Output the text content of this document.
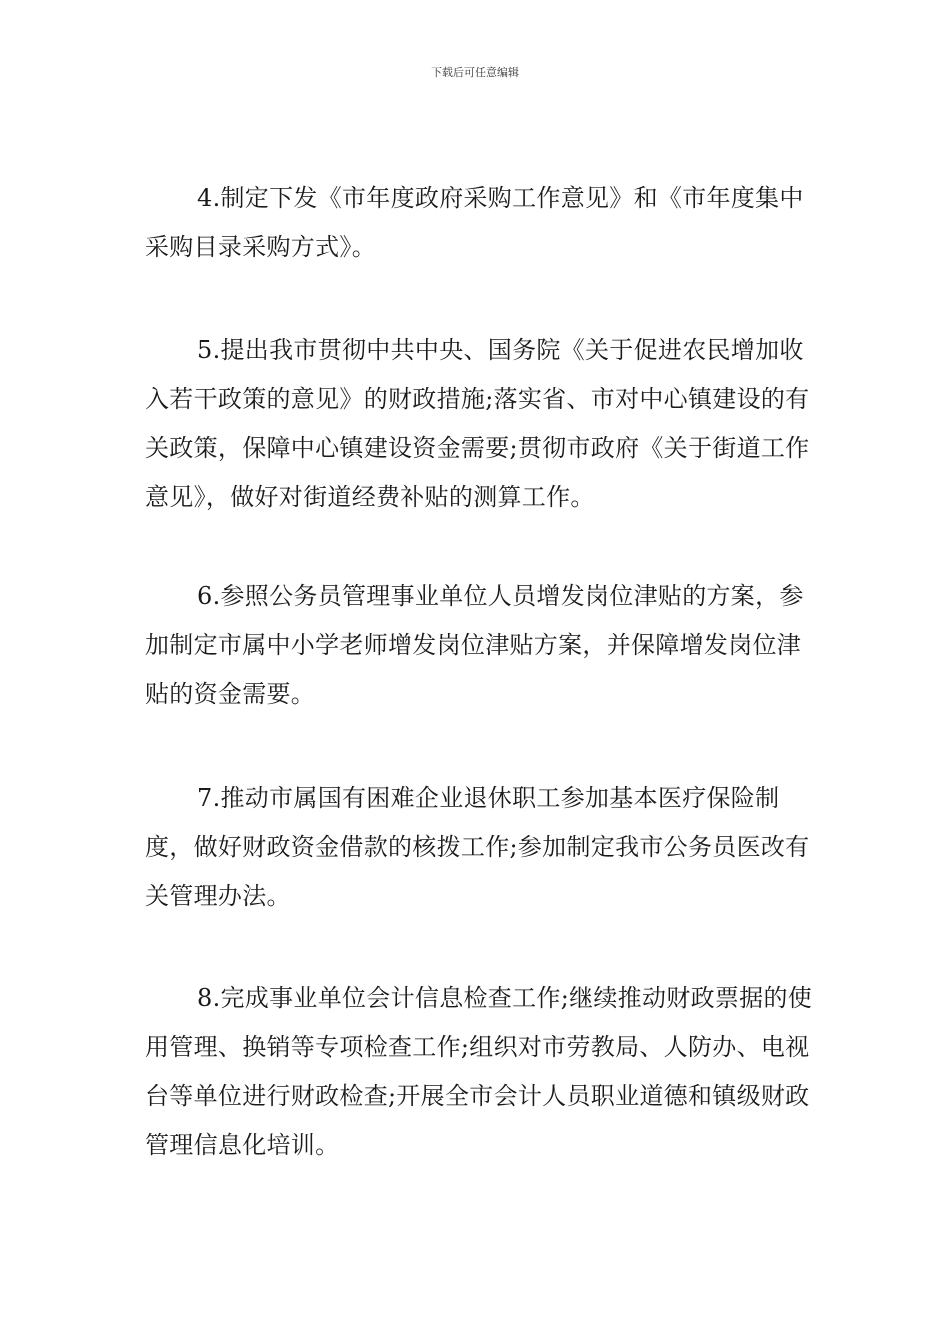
下载后可任意编辑

4.制定下发《市年度政府采购工作意见》和《市年度集中采购目录采购方式》。

5.提出我市贯彻中共中央、国务院《关于促进农民增加收入若干政策的意见》的财政措施;落实省、市对中心镇建设的有关政策，保障中心镇建设资金需要;贯彻市政府《关于街道工作意见》，做好对街道经费补贴的测算工作。

6.参照公务员管理事业单位人员增发岗位津贴的方案，参加制定市属中小学老师增发岗位津贴方案，并保障增发岗位津贴的资金需要。

7.推动市属国有困难企业退休职工参加基本医疗保险制度，做好财政资金借款的核拨工作;参加制定我市公务员医改有关管理办法。

8.完成事业单位会计信息检查工作;继续推动财政票据的使用管理、换销等专项检查工作;组织对市劳教局、人防办、电视台等单位进行财政检查;开展全市会计人员职业道德和镇级财政管理信息化培训。
